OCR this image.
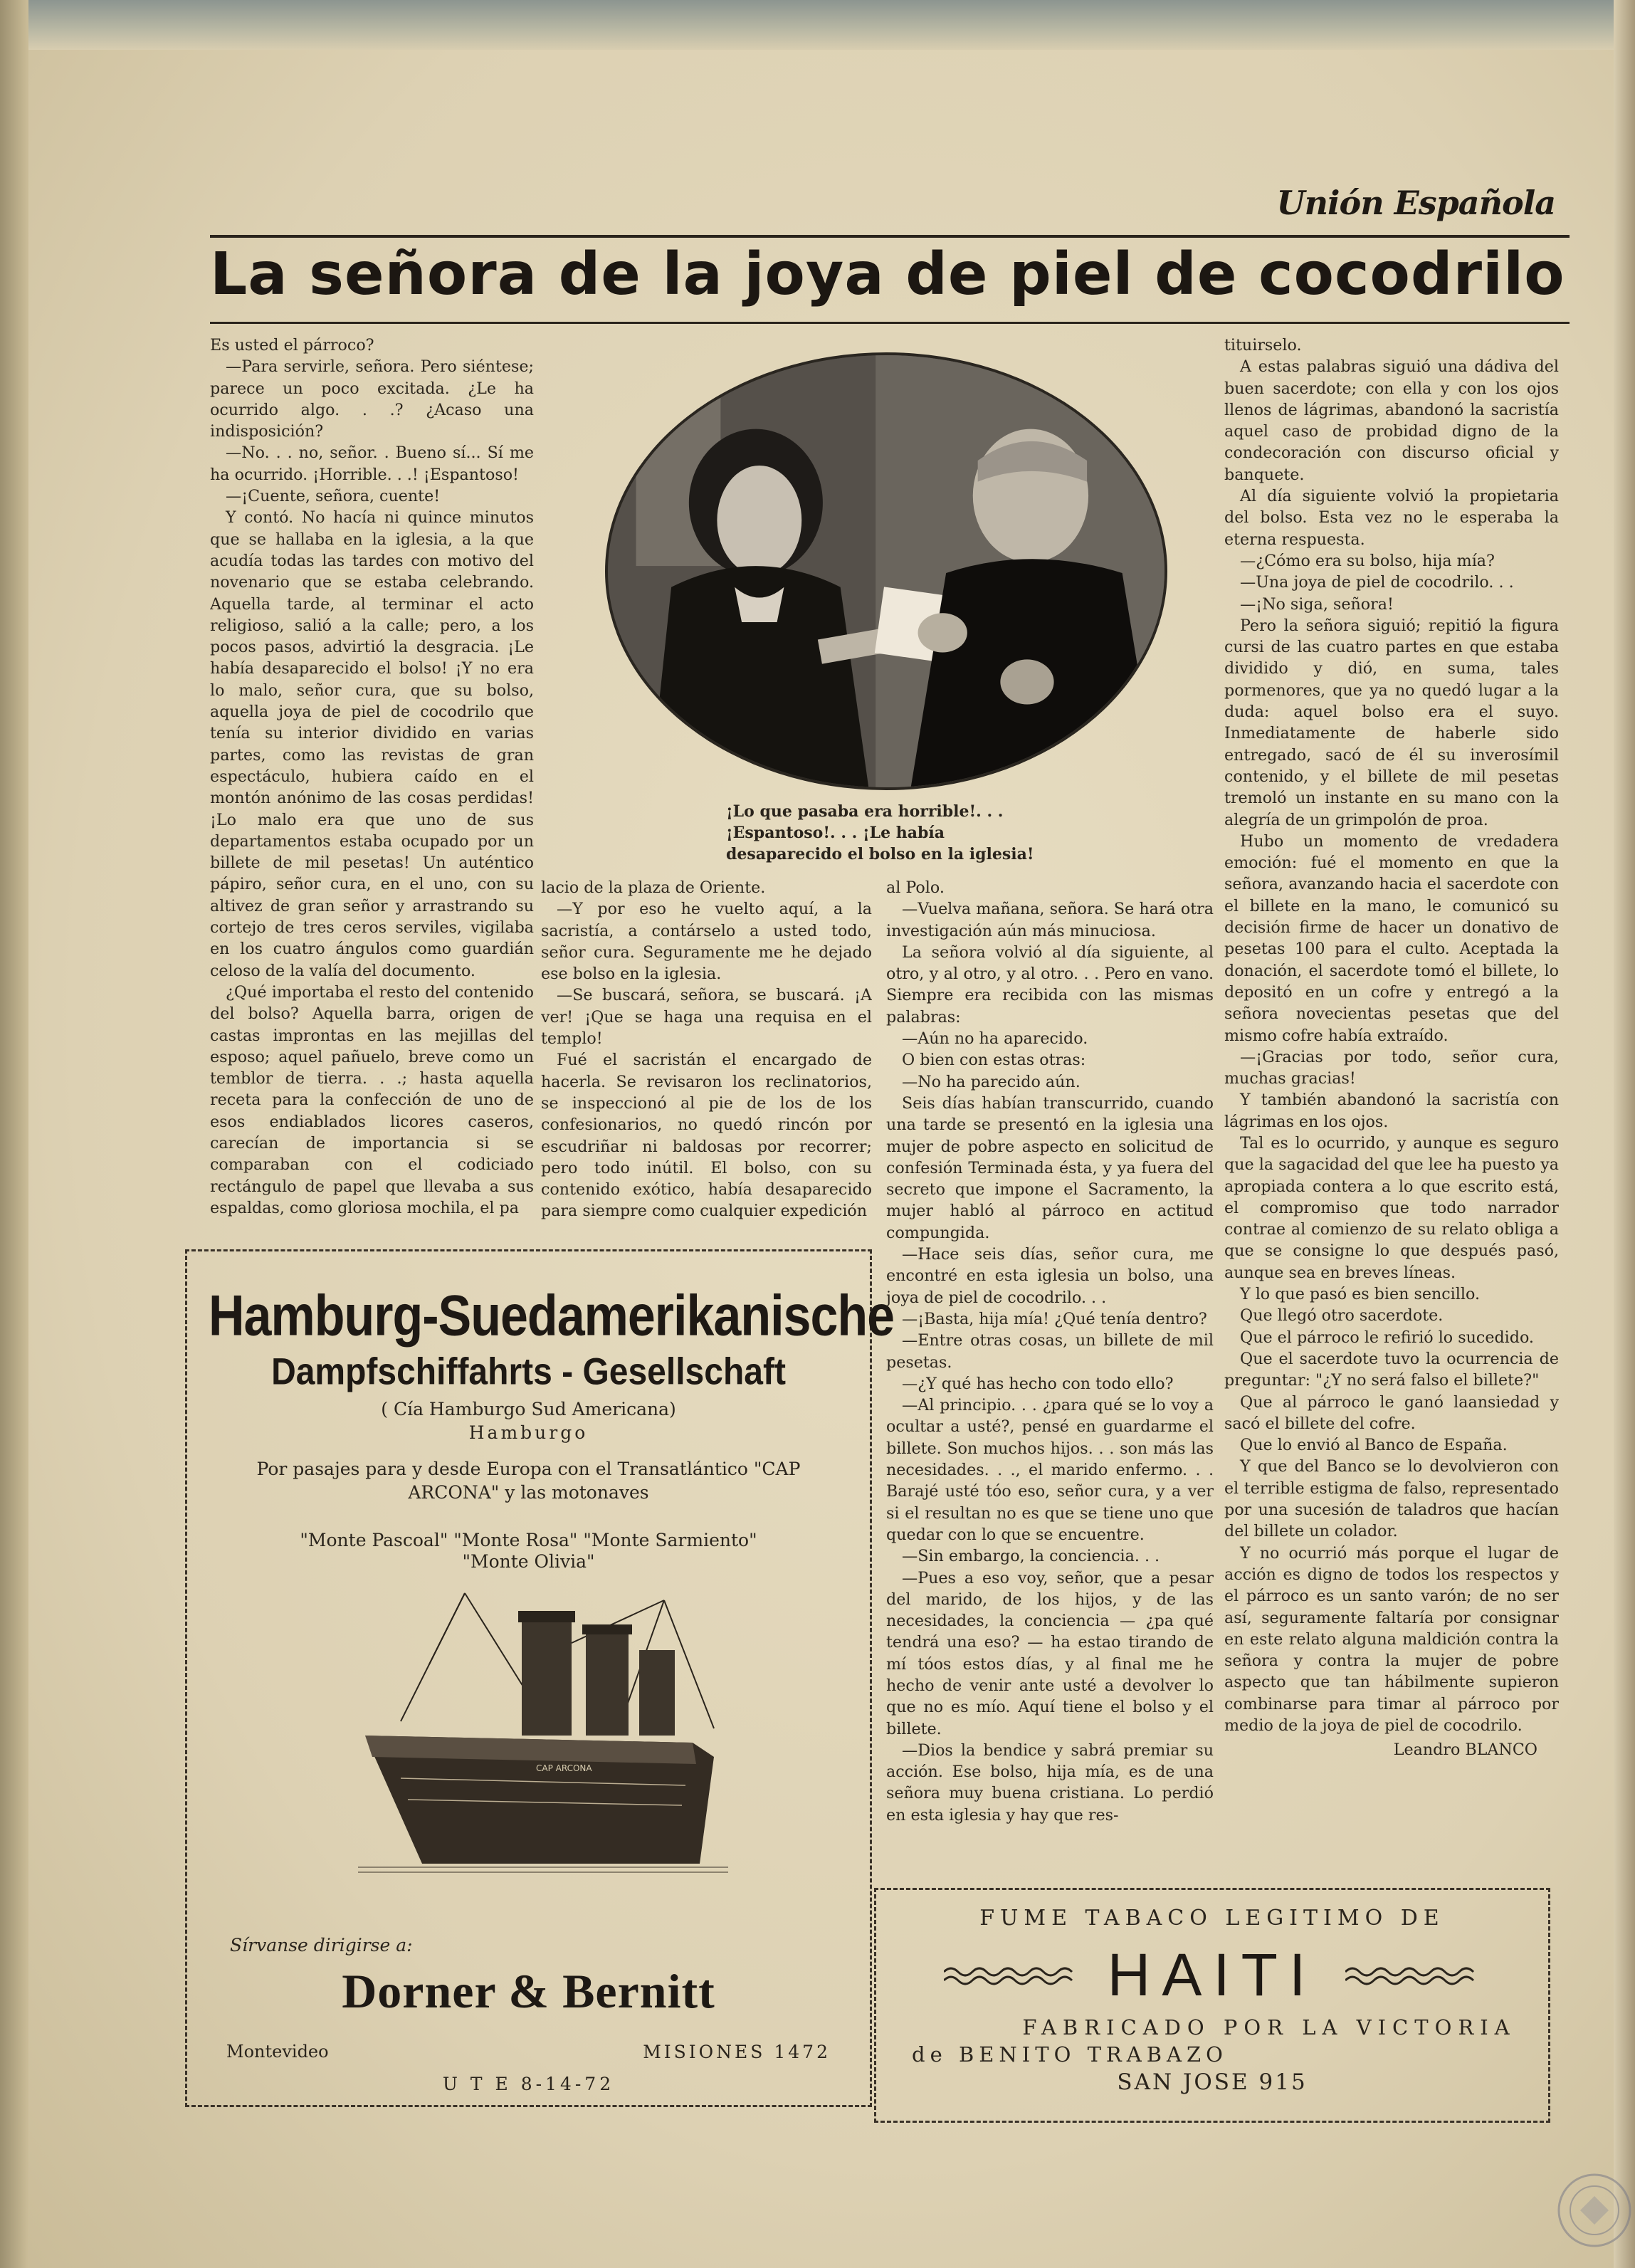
Unión Española
La señora de la joya de piel de cocodrilo

Es usted el párroco?

—Para servirle, señora. Pero siéntese; parece un poco excitada. ¿Le ha ocurrido algo. . .? ¿Acaso una indisposición?

—No. . . no, señor. . Bueno sí... Sí me ha ocurrido. ¡Horrible. . .! ¡Espantoso!

—¡Cuente, señora, cuente!

Y contó. No hacía ni quince minutos que se hallaba en la iglesia, a la que acudía todas las tardes con motivo del novenario que se estaba celebrando. Aquella tarde, al terminar el acto religioso, salió a la calle; pero, a los pocos pasos, advirtió la desgracia. ¡Le había desaparecido el bolso! ¡Y no era lo malo, señor cura, que su bolso, aquella joya de piel de cocodrilo que tenía su interior dividido en varias partes, como las revistas de gran espectáculo, hubiera caído en el montón anónimo de las cosas perdidas! ¡Lo malo era que uno de sus departamentos estaba ocupado por un billete de mil pesetas! Un auténtico pápiro, señor cura, en el uno, con su altivez de gran señor y arrastrando su cortejo de tres ceros serviles, vigilaba en los cuatro ángulos como guardián celoso de la valía del documento.

¿Qué importaba el resto del contenido del bolso? Aquella barra, origen de castas improntas en las mejillas del esposo; aquel pañuelo, breve como un temblor de tierra. . .; hasta aquella receta para la confección de uno de esos endiablados licores caseros, carecían de importancia si se comparaban con el codiciado rectángulo de papel que llevaba a sus espaldas, como gloriosa mochila, el pa

¡Lo que pasaba era horrible!. . . ¡Espantoso!. . . ¡Le había desaparecido el bolso en la iglesia!

lacio de la plaza de Oriente.

—Y por eso he vuelto aquí, a la sacristía, a contárselo a usted todo, señor cura. Seguramente me he dejado ese bolso en la iglesia.

—Se buscará, señora, se buscará. ¡A ver! ¡Que se haga una requisa en el templo!

Fué el sacristán el encargado de hacerla. Se revisaron los reclinatorios, se inspeccionó al pie de los de los confesionarios, no quedó rincón por escudriñar ni baldosas por recorrer; pero todo inútil. El bolso, con su contenido exótico, había desaparecido para siempre como cualquier expedición

al Polo.

—Vuelva mañana, señora. Se hará otra investigación aún más minuciosa.

La señora volvió al día siguiente, al otro, y al otro, y al otro. . . Pero en vano. Siempre era recibida con las mismas palabras:

—Aún no ha aparecido.

O bien con estas otras:

—No ha parecido aún.

Seis días habían transcurrido, cuando una tarde se presentó en la iglesia una mujer de pobre aspecto en solicitud de confesión Terminada ésta, y ya fuera del secreto que impone el Sacramento, la mujer habló al párroco en actitud compungida.

—Hace seis días, señor cura, me encontré en esta iglesia un bolso, una joya de piel de cocodrilo. . .

—¡Basta, hija mía! ¿Qué tenía dentro?

—Entre otras cosas, un billete de mil pesetas.

—¿Y qué has hecho con todo ello?

—Al principio. . . ¿para qué se lo voy a ocultar a usté?, pensé en guardarme el billete. Son muchos hijos. . . son más las necesidades. . ., el marido enfermo. . . Barajé usté tóo eso, señor cura, y a ver si el resultan no es que se tiene uno que quedar con lo que se encuentre.

—Sin embargo, la conciencia. . .

—Pues a eso voy, señor, que a pesar del marido, de los hijos, y de las necesidades, la conciencia — ¿pa qué tendrá una eso? — ha estao tirando de mí tóos estos días, y al final me he hecho de venir ante usté a devolver lo que no es mío. Aquí tiene el bolso y el billete.

—Dios la bendice y sabrá premiar su acción. Ese bolso, hija mía, es de una señora muy buena cristiana. Lo perdió en esta iglesia y hay que res-

tituirselo.

A estas palabras siguió una dádiva del buen sacerdote; con ella y con los ojos llenos de lágrimas, abandonó la sacristía aquel caso de probidad digno de la condecoración con discurso oficial y banquete.

Al día siguiente volvió la propietaria del bolso. Esta vez no le esperaba la eterna respuesta.

—¿Cómo era su bolso, hija mía?

—Una joya de piel de cocodrilo. . .

—¡No siga, señora!

Pero la señora siguió; repitió la figura cursi de las cuatro partes en que estaba dividido y dió, en suma, tales pormenores, que ya no quedó lugar a la duda: aquel bolso era el suyo. Inmediatamente de haberle sido entregado, sacó de él su inverosímil contenido, y el billete de mil pesetas tremoló un instante en su mano con la alegría de un grimpolón de proa.

Hubo un momento de vredadera emoción: fué el momento en que la señora, avanzando hacia el sacerdote con el billete en la mano, le comunicó su decisión firme de hacer un donativo de pesetas 100 para el culto. Aceptada la donación, el sacerdote tomó el billete, lo depositó en un cofre y entregó a la señora novecientas pesetas que del mismo cofre había extraído.

—¡Gracias por todo, señor cura, muchas gracias!

Y también abandonó la sacristía con lágrimas en los ojos.

Tal es lo ocurrido, y aunque es seguro que la sagacidad del que lee ha puesto ya apropiada contera a lo que escrito está, el compromiso que todo narrador contrae al comienzo de su relato obliga a que se consigne lo que después pasó, aunque sea en breves líneas.

Y lo que pasó es bien sencillo.

Que llegó otro sacerdote.

Que el párroco le refirió lo sucedido.

Que el sacerdote tuvo la ocurrencia de preguntar: "¿Y no será falso el billete?"

Que al párroco le ganó laansiedad y sacó el billete del cofre.

Que lo envió al Banco de España.

Y que del Banco se lo devolvieron con el terrible estigma de falso, representado por una sucesión de taladros que hacían del billete un colador.

Y no ocurrió más porque el lugar de acción es digno de todos los respectos y el párroco es un santo varón; de no ser así, seguramente faltaría por consignar en este relato alguna maldición contra la señora y contra la mujer de pobre aspecto que tan hábilmente supieron combinarse para timar al párroco por medio de la joya de piel de cocodrilo.

Leandro BLANCO

Hamburg-Suedamerikanische
Dampfschiffahrts - Gesellschaft
( Cía Hamburgo Sud Americana)
Hamburgo
Por pasajes para y desde Europa con el Transatlántico "CAP ARCONA" y las motonaves
"Monte Pascoal" "Monte Rosa" "Monte Sarmiento"
"Monte Olivia"
CAP ARCONA
Sírvanse dirigirse a:
Dorner & Bernitt
Montevideo	MISIONES 1472
U T E 8-14-72
FUME TABACO LEGITIMO DE
HAITI
FABRICADO POR LA VICTORIA
de BENITO TRABAZO
SAN JOSE 915
